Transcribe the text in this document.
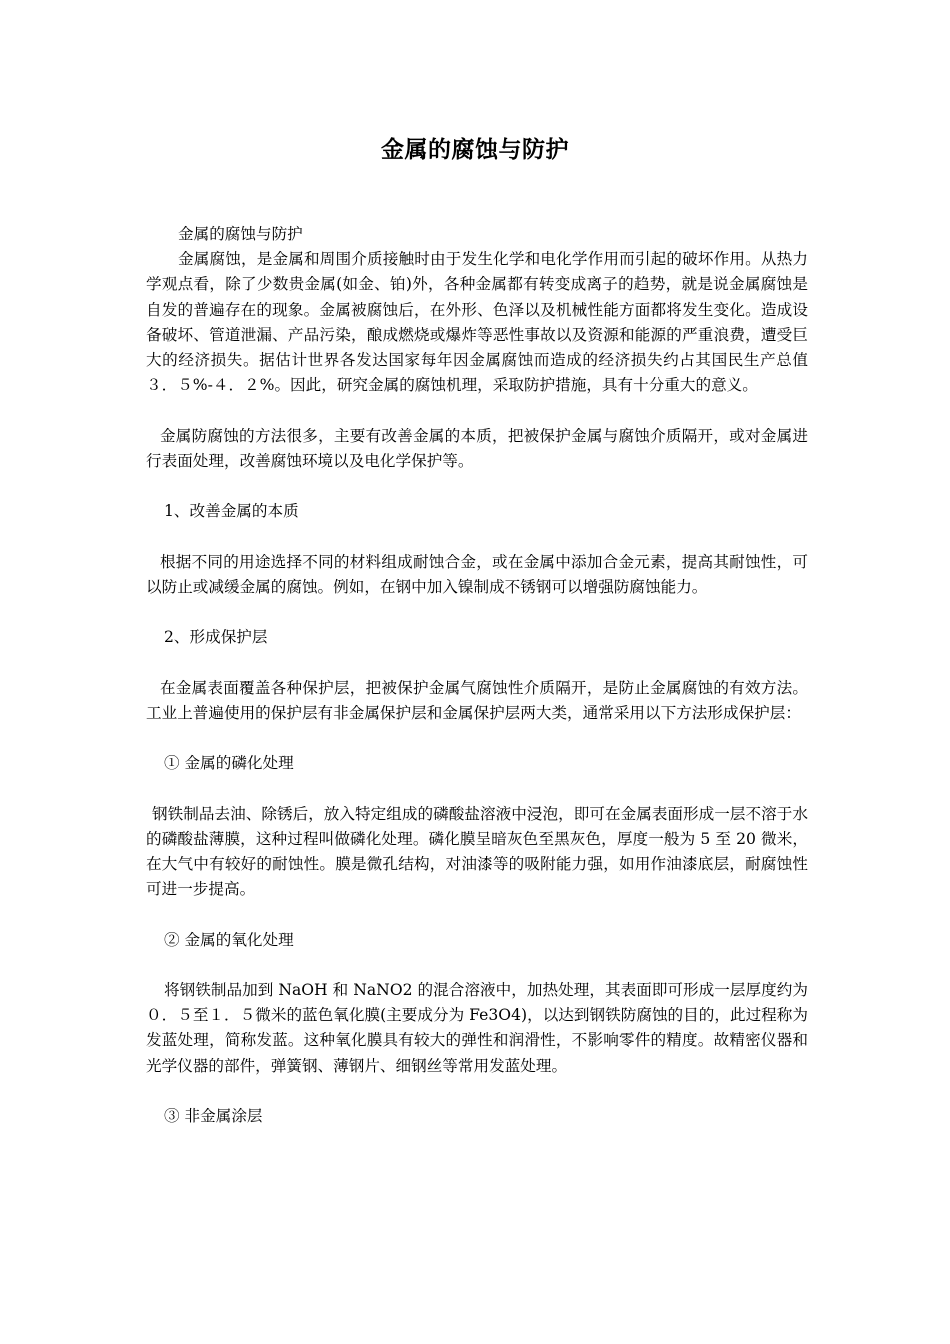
金属的腐蚀与防护

金属的腐蚀与防护

金属腐蚀，是金属和周围介质接触时由于发生化学和电化学作用而引起的破坏作用。从热力学观点看，除了少数贵金属(如金、铂)外，各种金属都有转变成离子的趋势，就是说金属腐蚀是自发的普遍存在的现象。金属被腐蚀后，在外形、色泽以及机械性能方面都将发生变化。造成设备破坏、管道泄漏、产品污染，酿成燃烧或爆炸等恶性事故以及资源和能源的严重浪费，遭受巨大的经济损失。据估计世界各发达国家每年因金属腐蚀而造成的经济损失约占其国民生产总值３．５%-４．２%。因此，研究金属的腐蚀机理，采取防护措施，具有十分重大的意义。

金属防腐蚀的方法很多，主要有改善金属的本质，把被保护金属与腐蚀介质隔开，或对金属进行表面处理，改善腐蚀环境以及电化学保护等。

1、改善金属的本质

根据不同的用途选择不同的材料组成耐蚀合金，或在金属中添加合金元素，提高其耐蚀性，可以防止或减缓金属的腐蚀。例如，在钢中加入镍制成不锈钢可以增强防腐蚀能力。

2、形成保护层

在金属表面覆盖各种保护层，把被保护金属气腐蚀性介质隔开，是防止金属腐蚀的有效方法。工业上普遍使用的保护层有非金属保护层和金属保护层两大类，通常采用以下方法形成保护层：

① 金属的磷化处理

钢铁制品去油、除锈后，放入特定组成的磷酸盐溶液中浸泡，即可在金属表面形成一层不溶于水的磷酸盐薄膜，这种过程叫做磷化处理。磷化膜呈暗灰色至黑灰色，厚度一般为 5 至 20 微米，在大气中有较好的耐蚀性。膜是微孔结构，对油漆等的吸附能力强，如用作油漆底层，耐腐蚀性可进一步提高。

② 金属的氧化处理

将钢铁制品加到 NaOH 和 NaNO2 的混合溶液中，加热处理，其表面即可形成一层厚度约为０．５至１．５微米的蓝色氧化膜(主要成分为 Fe3O4)，以达到钢铁防腐蚀的目的，此过程称为发蓝处理，简称发蓝。这种氧化膜具有较大的弹性和润滑性，不影响零件的精度。故精密仪器和光学仪器的部件，弹簧钢、薄钢片、细钢丝等常用发蓝处理。

③ 非金属涂层
